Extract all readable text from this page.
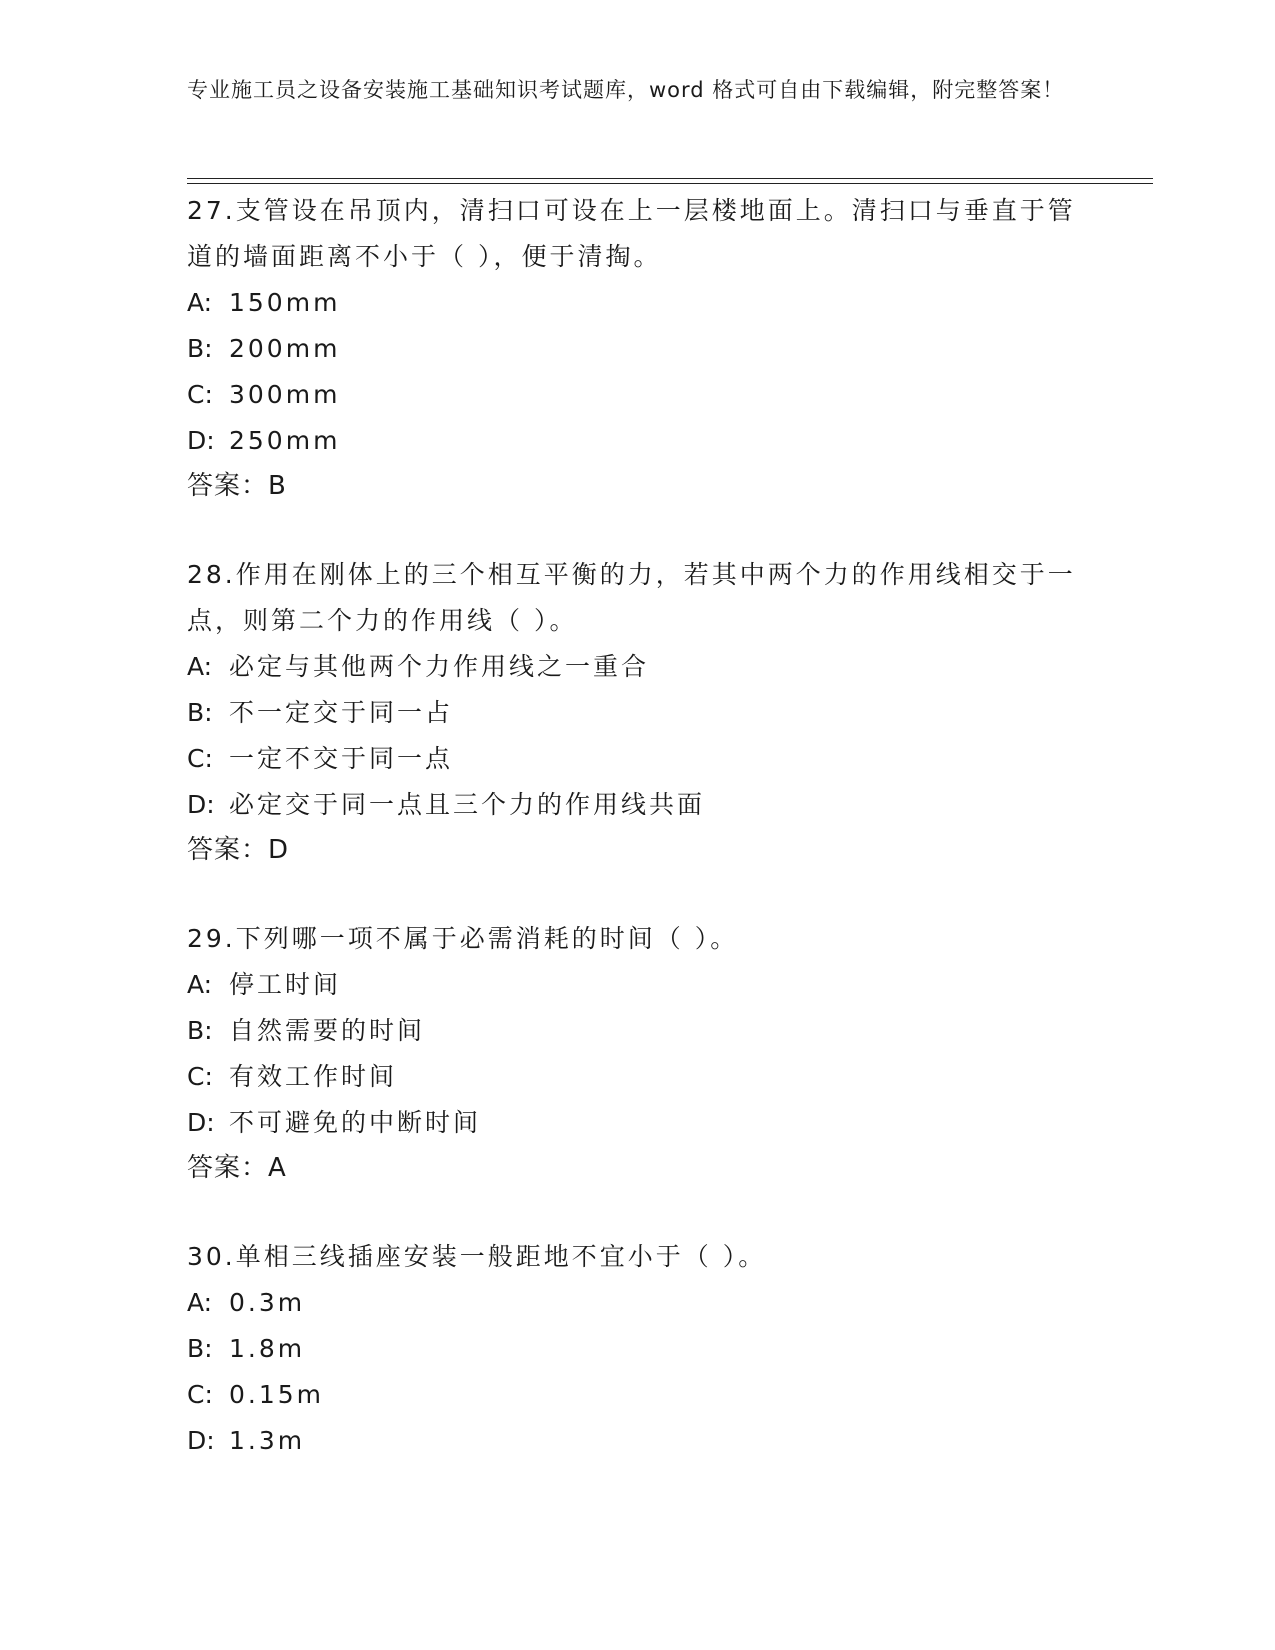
专业施工员之设备安装施工基础知识考试题库，word 格式可自由下载编辑，附完整答案！

27.支管设在吊顶内，清扫口可设在上一层楼地面上。清扫口与垂直于管道的墙面距离不小于（ ），便于清掏。

A: 150mm
B: 200mm
C: 300mm
D: 250mm
答案：B

28.作用在刚体上的三个相互平衡的力，若其中两个力的作用线相交于一点，则第二个力的作用线（ ）。

A: 必定与其他两个力作用线之一重合
B: 不一定交于同一占
C: 一定不交于同一点
D: 必定交于同一点且三个力的作用线共面
答案：D

29.下列哪一项不属于必需消耗的时间（ ）。

A: 停工时间
B: 自然需要的时间
C: 有效工作时间
D: 不可避免的中断时间
答案：A

30.单相三线插座安装一般距地不宜小于（ ）。

A: 0.3m
B: 1.8m
C: 0.15m
D: 1.3m
